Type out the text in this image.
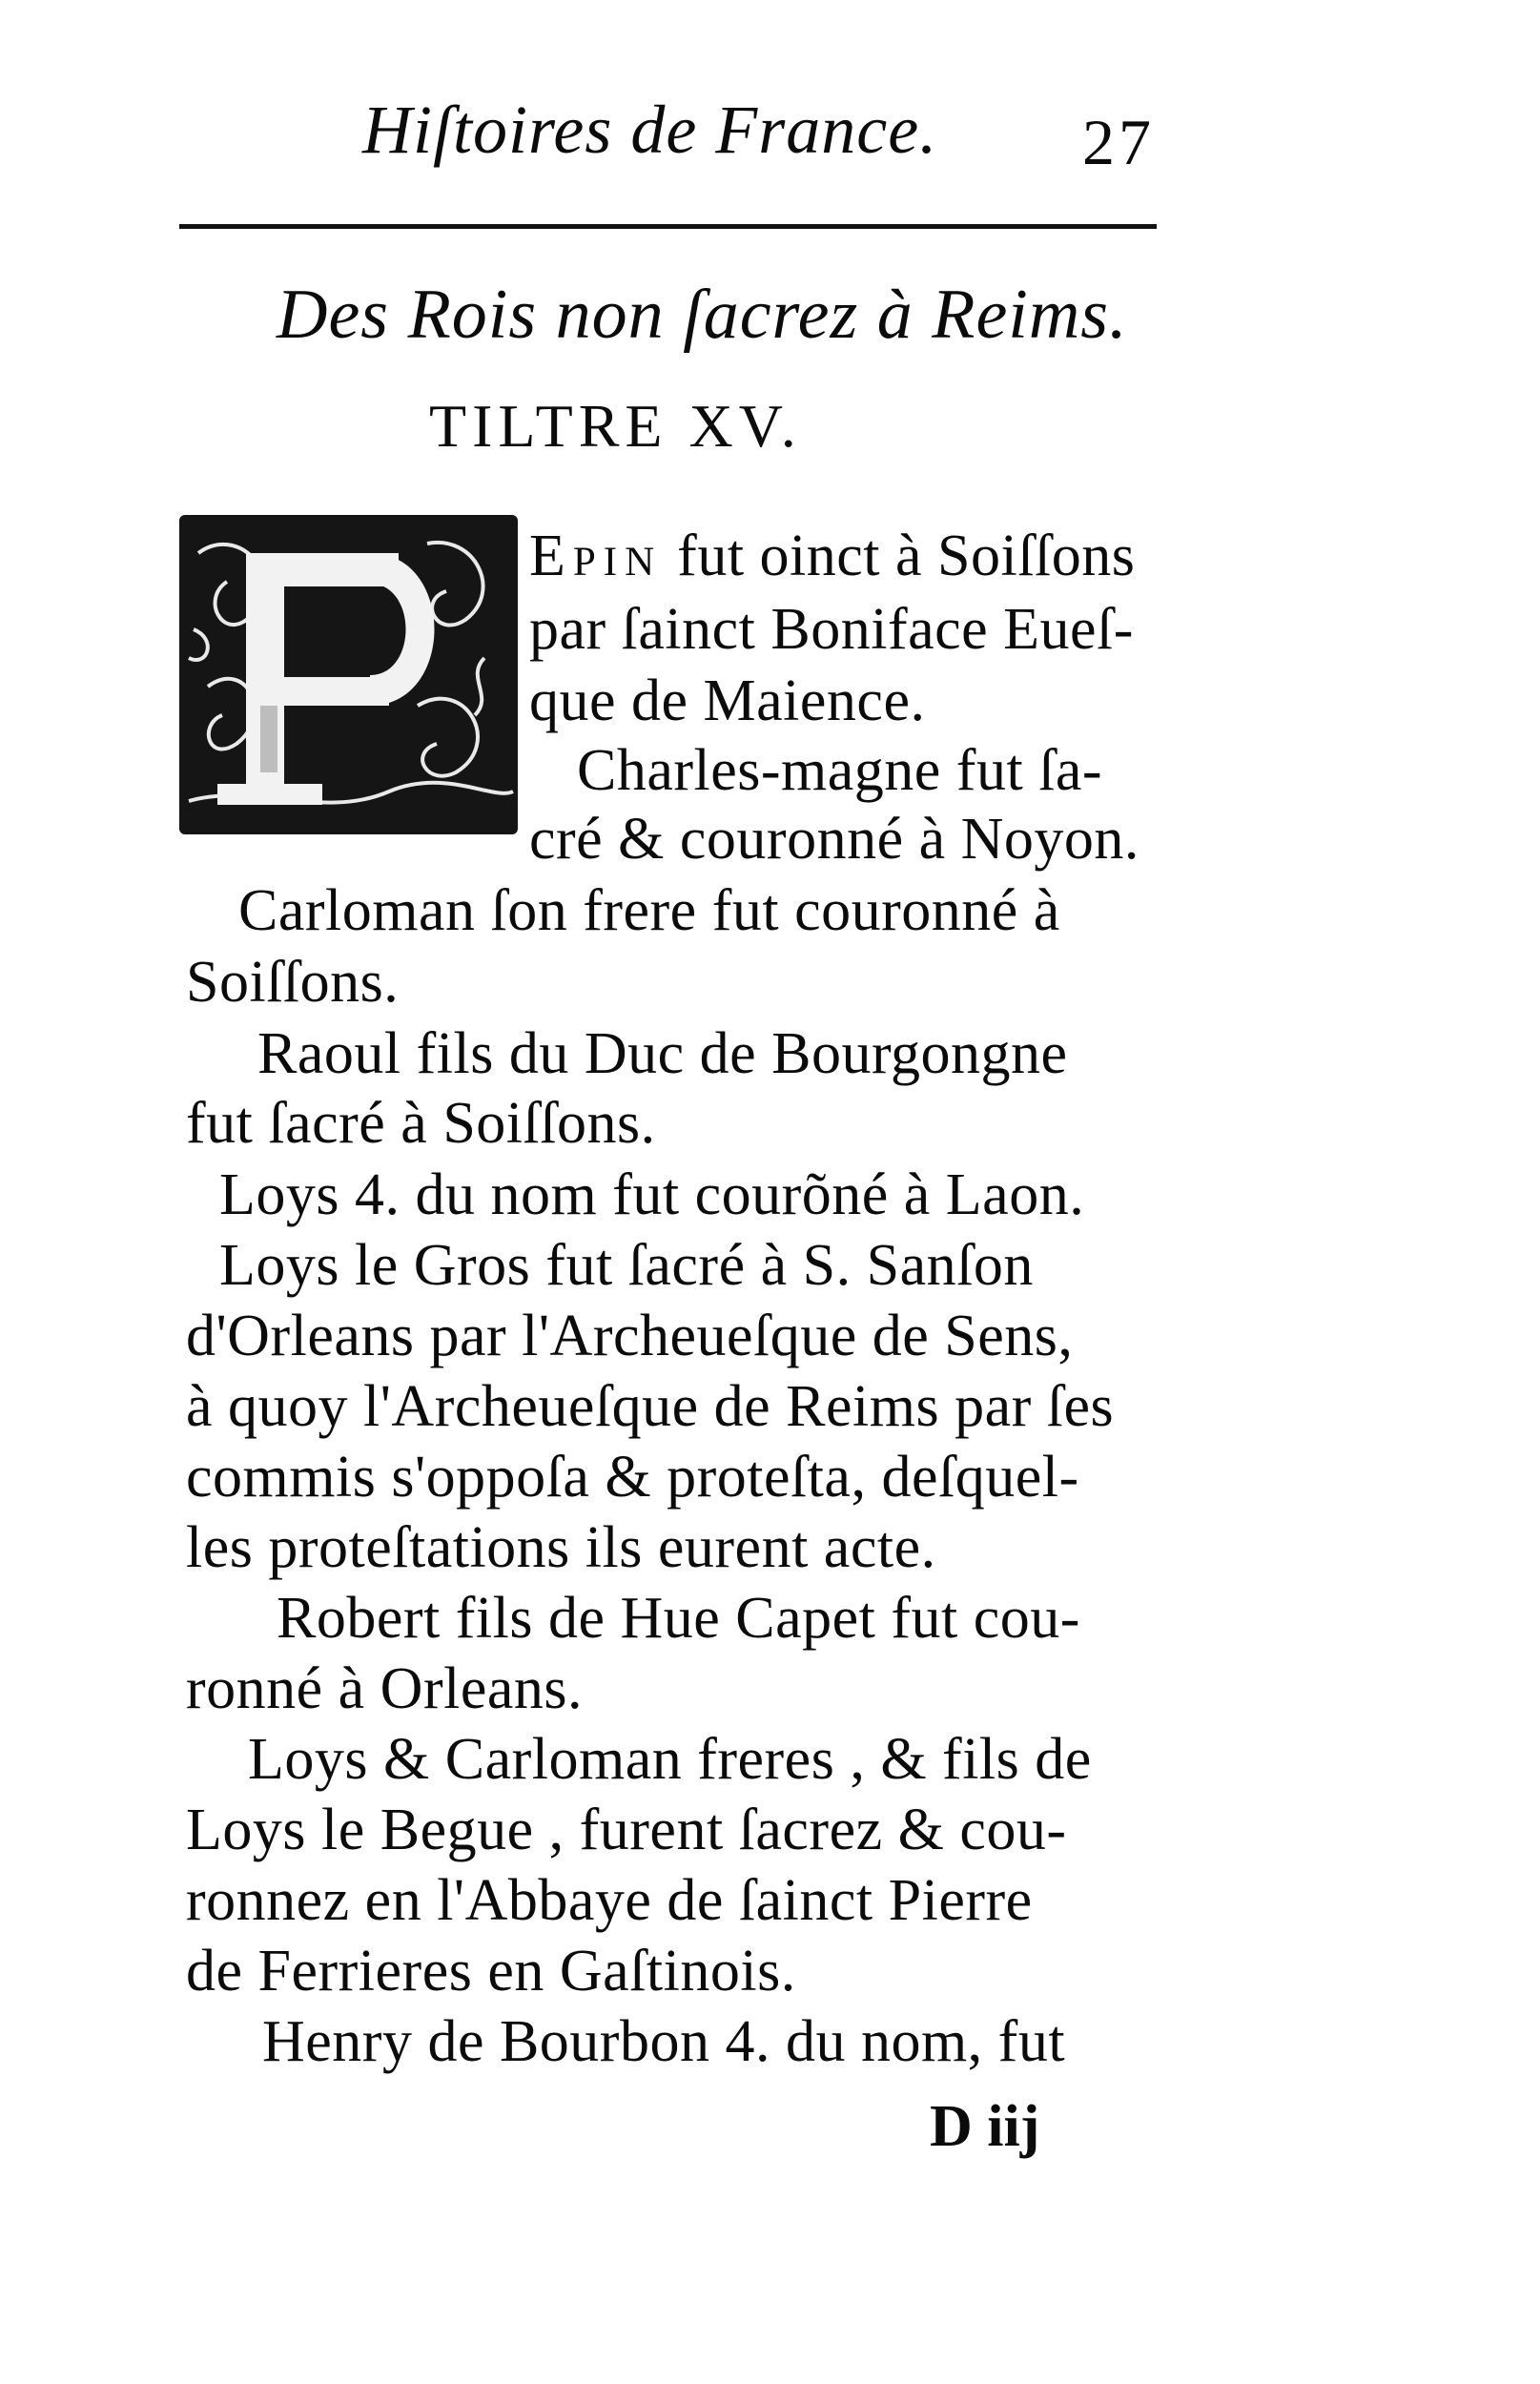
Hiſtoires de France. 27
Des Rois non ſacrez à Reims.
TILTRE XV.
Epin fut oinct à Soiſſons
par ſainct Boniface Eueſ-
que de Maience.
Charles-magne fut ſa-
cré & couronné à Noyon.
Carloman ſon frere fut couronné à
Soiſſons.
Raoul fils du Duc de Bourgongne
fut ſacré à Soiſſons.
Loys 4. du nom fut courõné à Laon.
Loys le Gros fut ſacré à S. Sanſon
d'Orleans par l'Archeueſque de Sens,
à quoy l'Archeueſque de Reims par ſes
commis s'oppoſa & proteſta, deſquel-
les proteſtations ils eurent acte.
Robert fils de Hue Capet fut cou-
ronné à Orleans.
Loys & Carloman freres , & fils de
Loys le Begue , furent ſacrez & cou-
ronnez en l'Abbaye de ſainct Pierre
de Ferrieres en Gaſtinois.
Henry de Bourbon 4. du nom, fut
D iij
